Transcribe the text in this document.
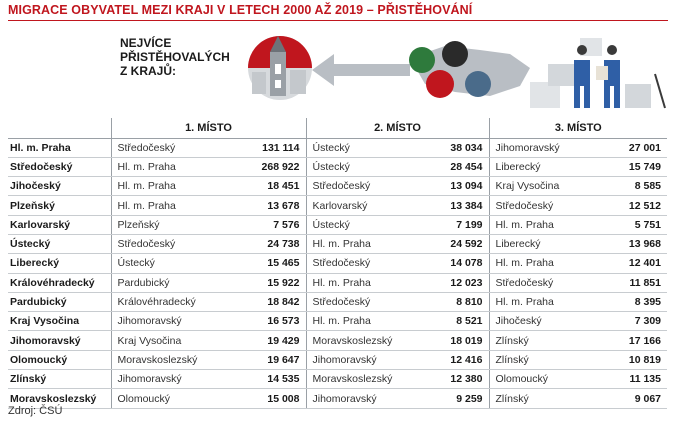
MIGRACE OBYVATEL MEZI KRAJI V LETECH 2000 AŽ 2019 – PŘISTĚHOVÁNÍ
NEJVÍCE
PŘISTĚHOVALÝCH
Z KRAJŮ:
	1. MÍSTO		2. MÍSTO		3. MÍSTO	
Hl. m. Praha	Středočeský	131 114	Ústecký	38 034	Jihomoravský	27 001
Středočeský	Hl. m. Praha	268 922	Ústecký	28 454	Liberecký	15 749
Jihočeský	Hl. m. Praha	18 451	Středočeský	13 094	Kraj Vysočina	8 585
Plzeňský	Hl. m. Praha	13 678	Karlovarský	13 384	Středočeský	12 512
Karlovarský	Plzeňský	7 576	Ústecký	7 199	Hl. m. Praha	5 751
Ústecký	Středočeský	24 738	Hl. m. Praha	24 592	Liberecký	13 968
Liberecký	Ústecký	15 465	Středočeský	14 078	Hl. m. Praha	12 401
Královéhradecký	Pardubický	15 922	Hl. m. Praha	12 023	Středočeský	11 851
Pardubický	Královéhradecký	18 842	Středočeský	8 810	Hl. m. Praha	8 395
Kraj Vysočina	Jihomoravský	16 573	Hl. m. Praha	8 521	Jihočeský	7 309
Jihomoravský	Kraj Vysočina	19 429	Moravskoslezský	18 019	Zlínský	17 166
Olomoucký	Moravskoslezský	19 647	Jihomoravský	12 416	Zlínský	10 819
Zlínský	Jihomoravský	14 535	Moravskoslezský	12 380	Olomoucký	11 135
Moravskoslezský	Olomoucký	15 008	Jihomoravský	9 259	Zlínský	9 067
Zdroj: ČSÚ
